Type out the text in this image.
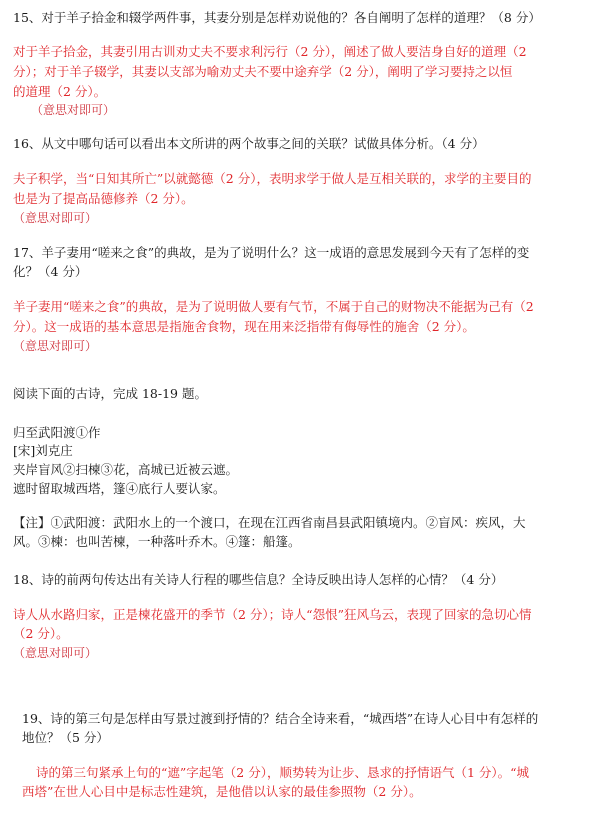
15、对于羊子拾金和辍学两件事，其妻分别是怎样劝说他的？各自阐明了怎样的道理？（8 分）
对于羊子拾金，其妻引用古训劝丈夫不要求利污行（2 分），阐述了做人要洁身自好的道理（2
分）；对于羊子辍学，其妻以支部为喻劝丈夫不要中途弃学（2 分），阐明了学习要持之以恒
的道理（2 分）。
（意思对即可）
16、从文中哪句话可以看出本文所讲的两个故事之间的关联？试做具体分析。（4 分）
夫子积学，当“日知其所亡”以就懿德（2 分），表明求学于做人是互相关联的，求学的主要目的
也是为了提高品德修养（2 分）。
（意思对即可）
17、羊子妻用“嗟来之食”的典故，是为了说明什么？这一成语的意思发展到今天有了怎样的变
化？（4 分）
羊子妻用“嗟来之食”的典故，是为了说明做人要有气节，不属于自己的财物决不能据为己有（2
分）。这一成语的基本意思是指施舍食物，现在用来泛指带有侮辱性的施舍（2 分）。
（意思对即可）
阅读下面的古诗，完成 18-19 题。
归至武阳渡①作
[宋]刘克庄
夹岸盲风②扫楝③花，高城已近被云遮。
遮时留取城西塔，篷④底行人要认家。
【注】①武阳渡：武阳水上的一个渡口，在现在江西省南昌县武阳镇境内。②盲风：疾风，大
风。③楝：也叫苦楝，一种落叶乔木。④篷：船篷。
18、诗的前两句传达出有关诗人行程的哪些信息？全诗反映出诗人怎样的心情？（4 分）
诗人从水路归家，正是楝花盛开的季节（2 分）；诗人“怨恨”狂风乌云，表现了回家的急切心情
（2 分）。
（意思对即可）
19、诗的第三句是怎样由写景过渡到抒情的？结合全诗来看，“城西塔”在诗人心目中有怎样的
地位？（5 分）
诗的第三句紧承上句的“遮”字起笔（2 分），顺势转为让步、恳求的抒情语气（1 分）。“城
西塔”在世人心目中是标志性建筑，是他借以认家的最佳参照物（2 分）。
